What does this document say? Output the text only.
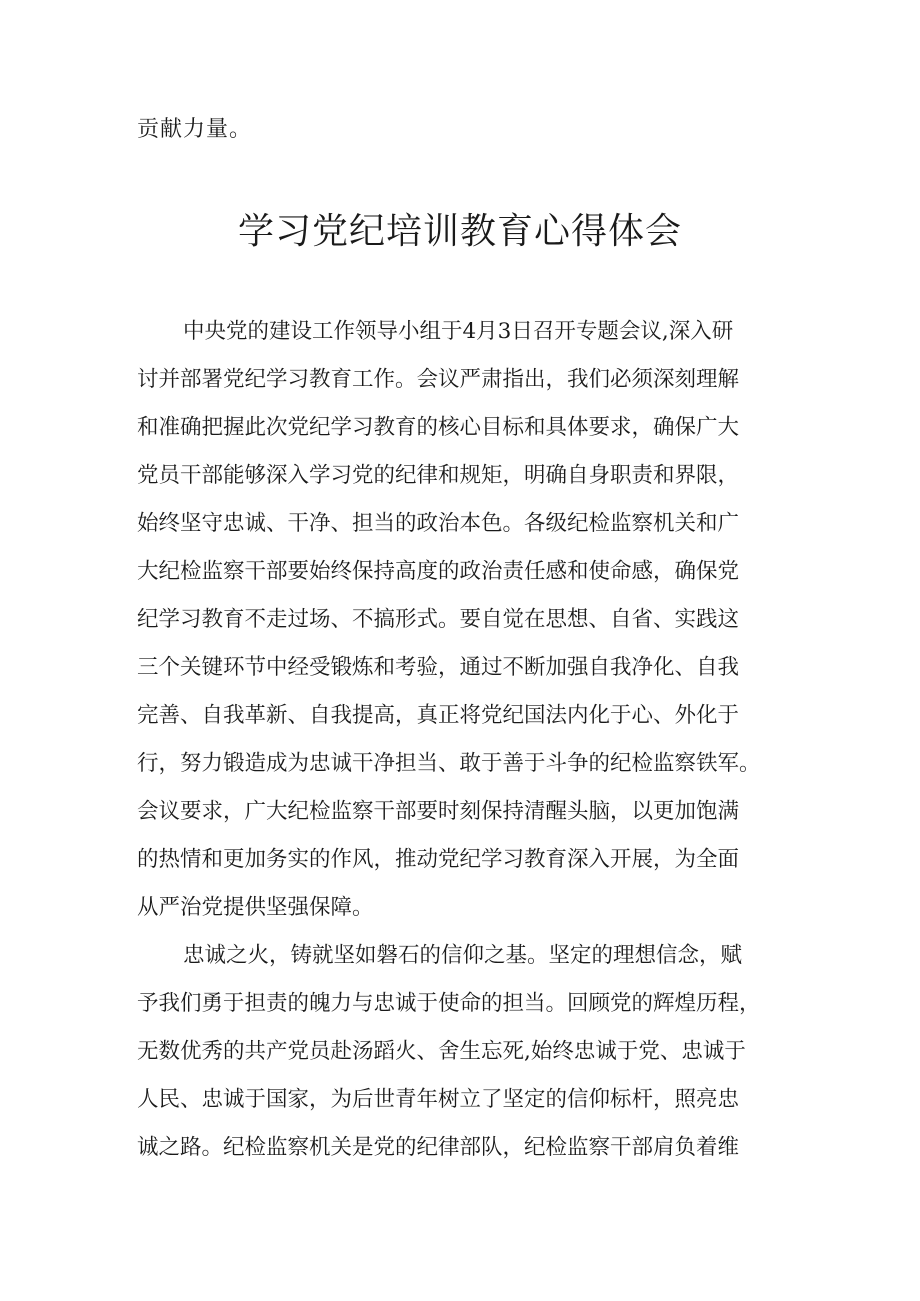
贡献力量。
学习党纪培训教育心得体会
中央党的建设工作领导小组于4月3日召开专题会议,深入研
讨并部署党纪学习教育工作。会议严肃指出，我们必须深刻理解
和准确把握此次党纪学习教育的核心目标和具体要求，确保广大
党员干部能够深入学习党的纪律和规矩，明确自身职责和界限，
始终坚守忠诚、干净、担当的政治本色。各级纪检监察机关和广
大纪检监察干部要始终保持高度的政治责任感和使命感，确保党
纪学习教育不走过场、不搞形式。要自觉在思想、自省、实践这
三个关键环节中经受锻炼和考验，通过不断加强自我净化、自我
完善、自我革新、自我提高，真正将党纪国法内化于心、外化于
行，努力锻造成为忠诚干净担当、敢于善于斗争的纪检监察铁军。
会议要求，广大纪检监察干部要时刻保持清醒头脑，以更加饱满
的热情和更加务实的作风，推动党纪学习教育深入开展，为全面
从严治党提供坚强保障。
忠诚之火，铸就坚如磐石的信仰之基。坚定的理想信念，赋
予我们勇于担责的魄力与忠诚于使命的担当。回顾党的辉煌历程，
无数优秀的共产党员赴汤蹈火、舍生忘死,始终忠诚于党、忠诚于
人民、忠诚于国家，为后世青年树立了坚定的信仰标杆，照亮忠
诚之路。纪检监察机关是党的纪律部队，纪检监察干部肩负着维
